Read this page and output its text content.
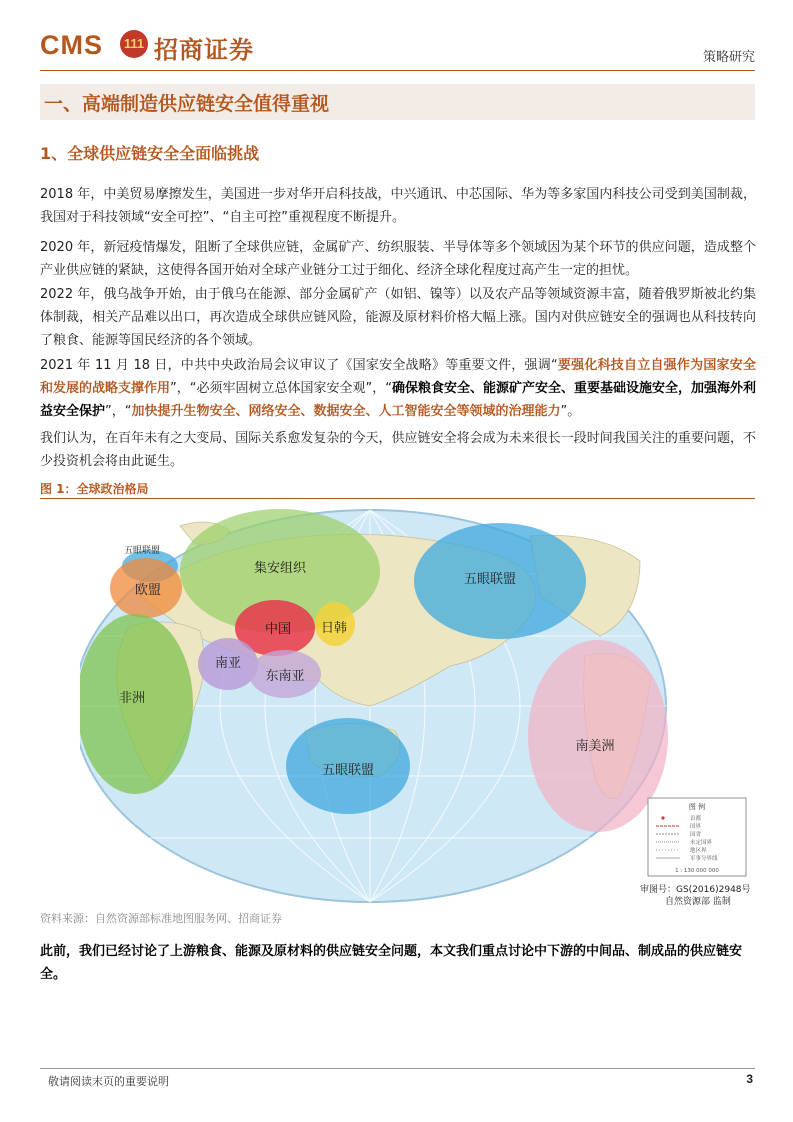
CMS 111 招商证券	策略研究
一、高端制造供应链安全值得重视
1、全球供应链安全全面临挑战
2018 年，中美贸易摩擦发生，美国进一步对华开启科技战，中兴通讯、中芯国际、华为等多家国内科技公司受到美国制裁，我国对于科技领域“安全可控”、“自主可控”重视程度不断提升。
2020 年，新冠疫情爆发，阻断了全球供应链，金属矿产、纺织服装、半导体等多个领域因为某个环节的供应问题，造成整个产业供应链的紧缺，这使得各国开始对全球产业链分工过于细化、经济全球化程度过高产生一定的担忧。
2022 年，俄乌战争开始，由于俄乌在能源、部分金属矿产（如铝、镍等）以及农产品等领域资源丰富，随着俄罗斯被北约集体制裁，相关产品难以出口，再次造成全球供应链风险，能源及原材料价格大幅上涨。国内对供应链安全的强调也从科技转向了粮食、能源等国民经济的各个领域。
2021 年 11 月 18 日，中共中央政治局会议审议了《国家安全战略》等重要文件，强调“要强化科技自立自强作为国家安全和发展的战略支撑作用”，“必须牢固树立总体国家安全观”，“确保粮食安全、能源矿产安全、重要基础设施安全，加强海外利益安全保护”，“加快提升生物安全、网络安全、数据安全、人工智能安全等领域的治理能力”。
我们认为，在百年未有之大变局、国际关系愈发复杂的今天，供应链安全将会成为未来很长一段时间我国关注的重要问题，不少投资机会将由此诞生。
图 1：全球政治格局
五眼联盟
欧盟
集安组织
五眼联盟
中国 日韩
南亚
东南亚
非洲
五眼联盟
南美洲
图 例
首都
国界
国省
未定国界
地区界
军事分界线
1 : 130 000 000
审图号：GS(2016)2948号
自然资源部 监制
资料来源：自然资源部标准地图服务网、招商证券
此前，我们已经讨论了上游粮食、能源及原材料的供应链安全问题，本文我们重点讨论中下游的中间品、制成品的供应链安全。
敬请阅读末页的重要说明	3
